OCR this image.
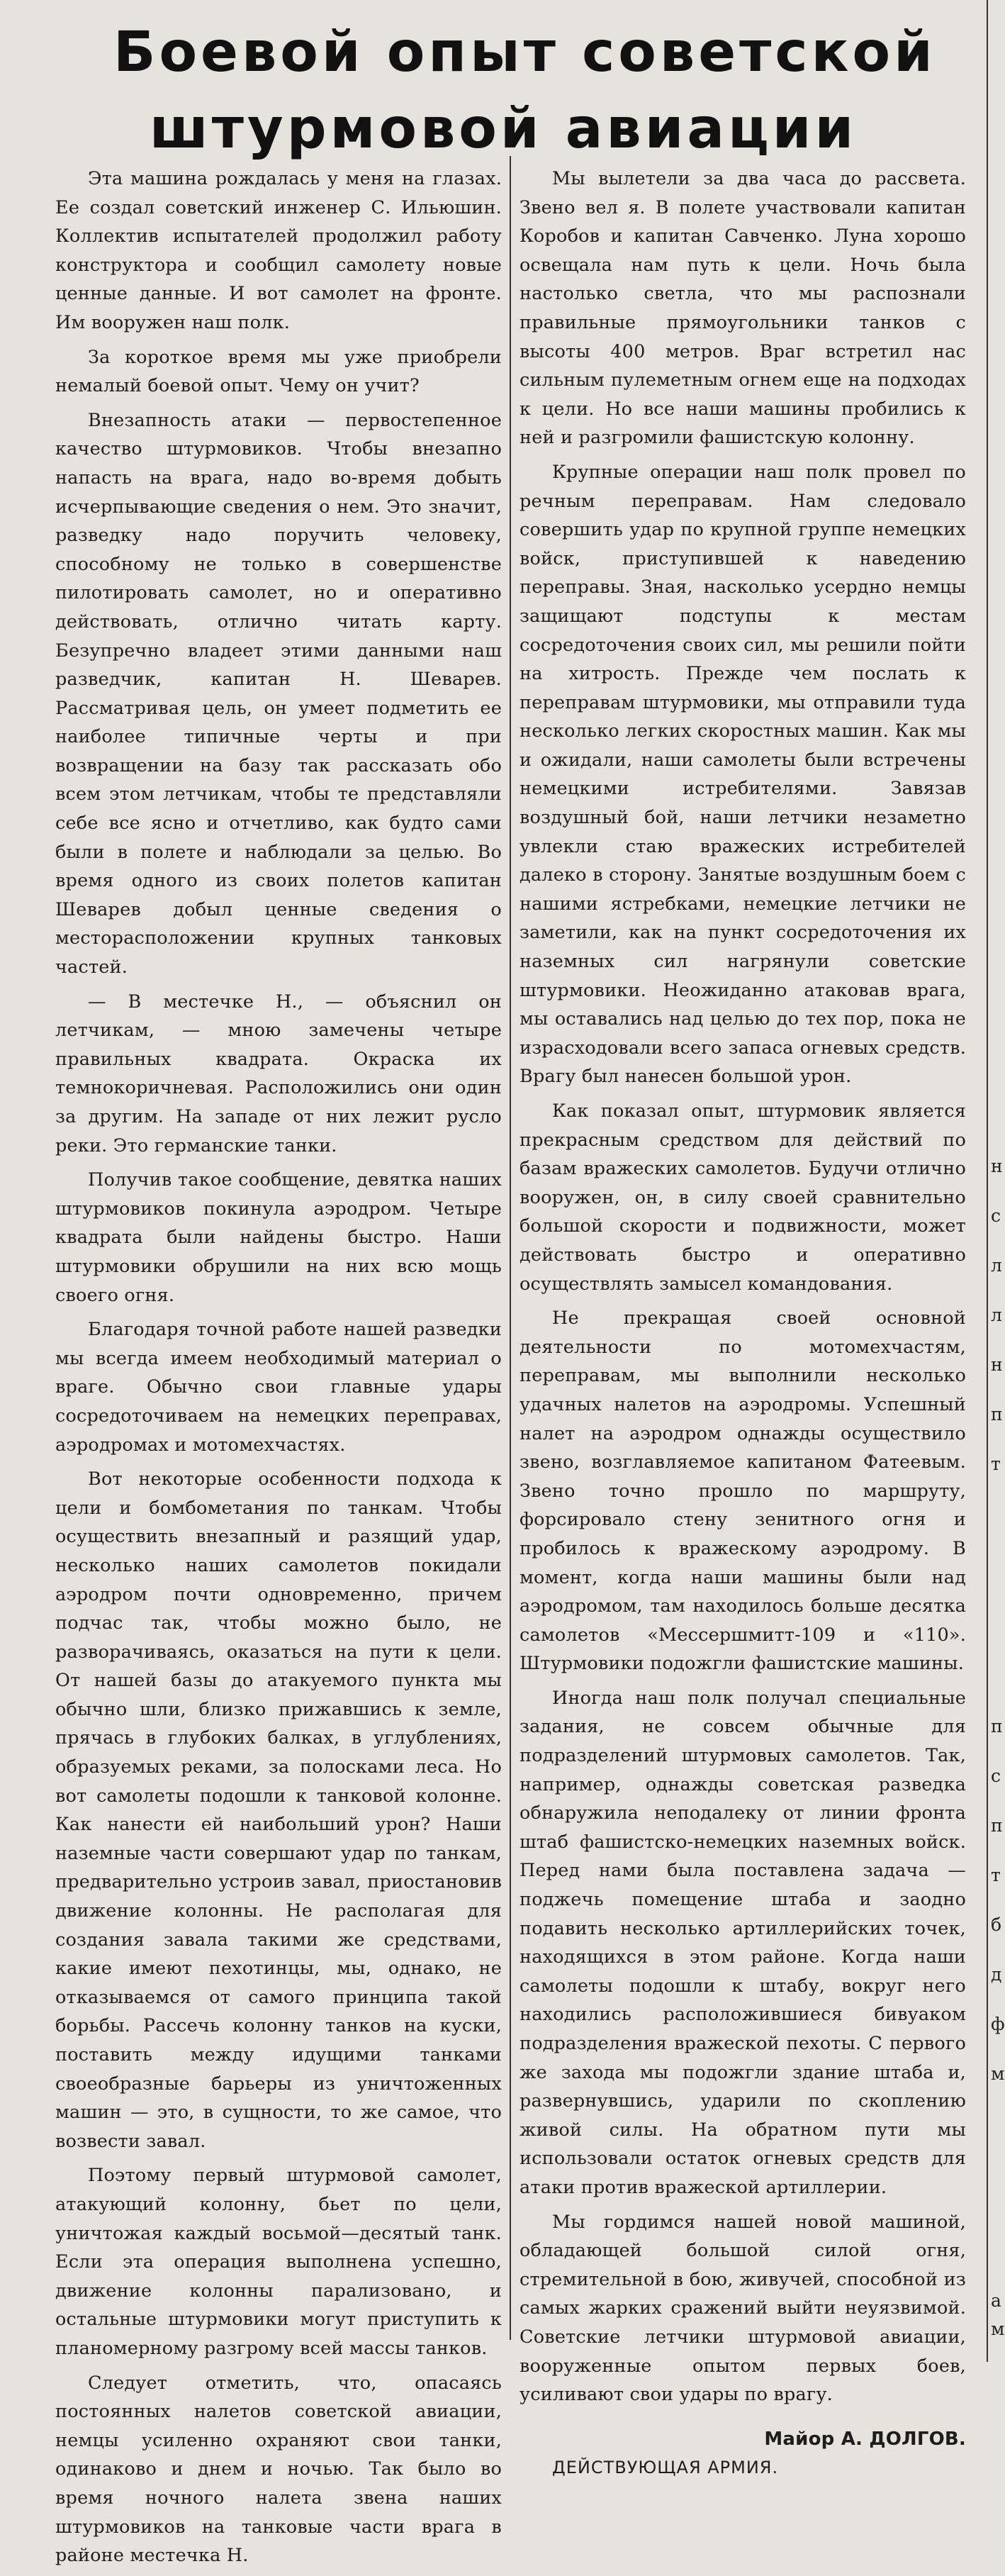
Боевой опыт советской
штурмовой авиации

Эта машина рождалась у меня на глазах. Ее создал советский инженер С. Ильюшин. Коллектив испытателей продолжил работу конструктора и сообщил самолету новые ценные данные. И вот самолет на фронте. Им вооружен наш полк.

За короткое время мы уже приобрели немалый боевой опыт. Чему он учит?

Внезапность атаки — первостепенное качество штурмовиков. Чтобы внезапно напасть на врага, надо во-время добыть исчерпывающие сведения о нем. Это значит, разведку надо поручить человеку, способному не только в совершенстве пилотировать самолет, но и оперативно действовать, отлично читать карту. Безупречно владеет этими данными наш разведчик, капитан Н. Шеварев. Рассматривая цель, он умеет подметить ее наиболее типичные черты и при возвращении на базу так рассказать обо всем этом летчикам, чтобы те представляли себе все ясно и отчетливо, как будто сами были в полете и наблюдали за целью. Во время одного из своих полетов капитан Шеварев добыл ценные сведения о месторасположении крупных танковых частей.

— В местечке Н., — объяснил он летчикам, — мною замечены четыре правильных квадрата. Окраска их темнокоричневая. Расположились они один за другим. На западе от них лежит русло реки. Это германские танки.

Получив такое сообщение, девятка наших штурмовиков покинула аэродром. Четыре квадрата были найдены быстро. Наши штурмовики обрушили на них всю мощь своего огня.

Благодаря точной работе нашей разведки мы всегда имеем необходимый материал о враге. Обычно свои главные удары сосредоточиваем на немецких переправах, аэродромах и мотомехчастях.

Вот некоторые особенности подхода к цели и бомбометания по танкам. Чтобы осуществить внезапный и разящий удар, несколько наших самолетов покидали аэродром почти одновременно, причем подчас так, чтобы можно было, не разворачиваясь, оказаться на пути к цели. От нашей базы до атакуемого пункта мы обычно шли, близко прижавшись к земле, прячась в глубоких балках, в углублениях, образуемых реками, за полосками леса. Но вот самолеты подошли к танковой колонне. Как нанести ей наибольший урон? Наши наземные части совершают удар по танкам, предварительно устроив завал, приостановив движение колонны. Не располагая для создания завала такими же средствами, какие имеют пехотинцы, мы, однако, не отказываемся от самого принципа такой борьбы. Рассечь колонну танков на куски, поставить между идущими танками своеобразные барьеры из уничтоженных машин — это, в сущности, то же самое, что возвести завал.

Поэтому первый штурмовой самолет, атакующий колонну, бьет по цели, уничтожая каждый восьмой—десятый танк. Если эта операция выполнена успешно, движение колонны парализовано, и остальные штурмовики могут приступить к планомерному разгрому всей массы танков.

Следует отметить, что, опасаясь постоянных налетов советской авиации, немцы усиленно охраняют свои танки, одинаково и днем и ночью. Так было во время ночного налета звена наших штурмовиков на танковые части врага в районе местечка Н.

Мы вылетели за два часа до рассвета. Звено вел я. В полете участвовали капитан Коробов и капитан Савченко. Луна хорошо освещала нам путь к цели. Ночь была настолько светла, что мы распознали правильные прямоугольники танков с высоты 400 метров. Враг встретил нас сильным пулеметным огнем еще на подходах к цели. Но все наши машины пробились к ней и разгромили фашистскую колонну.

Крупные операции наш полк провел по речным переправам. Нам следовало совершить удар по крупной группе немецких войск, приступившей к наведению переправы. Зная, насколько усердно немцы защищают подступы к местам сосредоточения своих сил, мы решили пойти на хитрость. Прежде чем послать к переправам штурмовики, мы отправили туда несколько легких скоростных машин. Как мы и ожидали, наши самолеты были встречены немецкими истребителями. Завязав воздушный бой, наши летчики незаметно увлекли стаю вражеских истребителей далеко в сторону. Занятые воздушным боем с нашими ястребками, немецкие летчики не заметили, как на пункт сосредоточения их наземных сил нагрянули советские штурмовики. Неожиданно атаковав врага, мы оставались над целью до тех пор, пока не израсходовали всего запаса огневых средств. Врагу был нанесен большой урон.

Как показал опыт, штурмовик является прекрасным средством для действий по базам вражеских самолетов. Будучи отлично вооружен, он, в силу своей сравнительно большой скорости и подвижности, может действовать быстро и оперативно осуществлять замысел командования.

Не прекращая своей основной деятельности по мотомехчастям, переправам, мы выполнили несколько удачных налетов на аэродромы. Успешный налет на аэродром однажды осуществило звено, возглавляемое капитаном Фатеевым. Звено точно прошло по маршруту, форсировало стену зенитного огня и пробилось к вражескому аэродрому. В момент, когда наши машины были над аэродромом, там находилось больше десятка самолетов «Мессершмитт-109 и «110». Штурмовики подожгли фашистские машины.

Иногда наш полк получал специальные задания, не совсем обычные для подразделений штурмовых самолетов. Так, например, однажды советская разведка обнаружила неподалеку от линии фронта штаб фашистско-немецких наземных войск. Перед нами была поставлена задача — поджечь помещение штаба и заодно подавить несколько артиллерийских точек, находящихся в этом районе. Когда наши самолеты подошли к штабу, вокруг него находились расположившиеся бивуаком подразделения вражеской пехоты. С первого же захода мы подожгли здание штаба и, развернувшись, ударили по скоплению живой силы. На обратном пути мы использовали остаток огневых средств для атаки против вражеской артиллерии.

Мы гордимся нашей новой машиной, обладающей большой силой огня, стремительной в бою, живучей, способной из самых жарких сражений выйти неуязвимой. Советские летчики штурмовой авиации, вооруженные опытом первых боев, усиливают свои удары по врагу.

Майор А. ДОЛГОВ.

ДЕЙСТВУЮЩАЯ АРМИЯ.

н
с
л
л
н
п
т
п
с
п
т
б
д
ф
м
а
м
